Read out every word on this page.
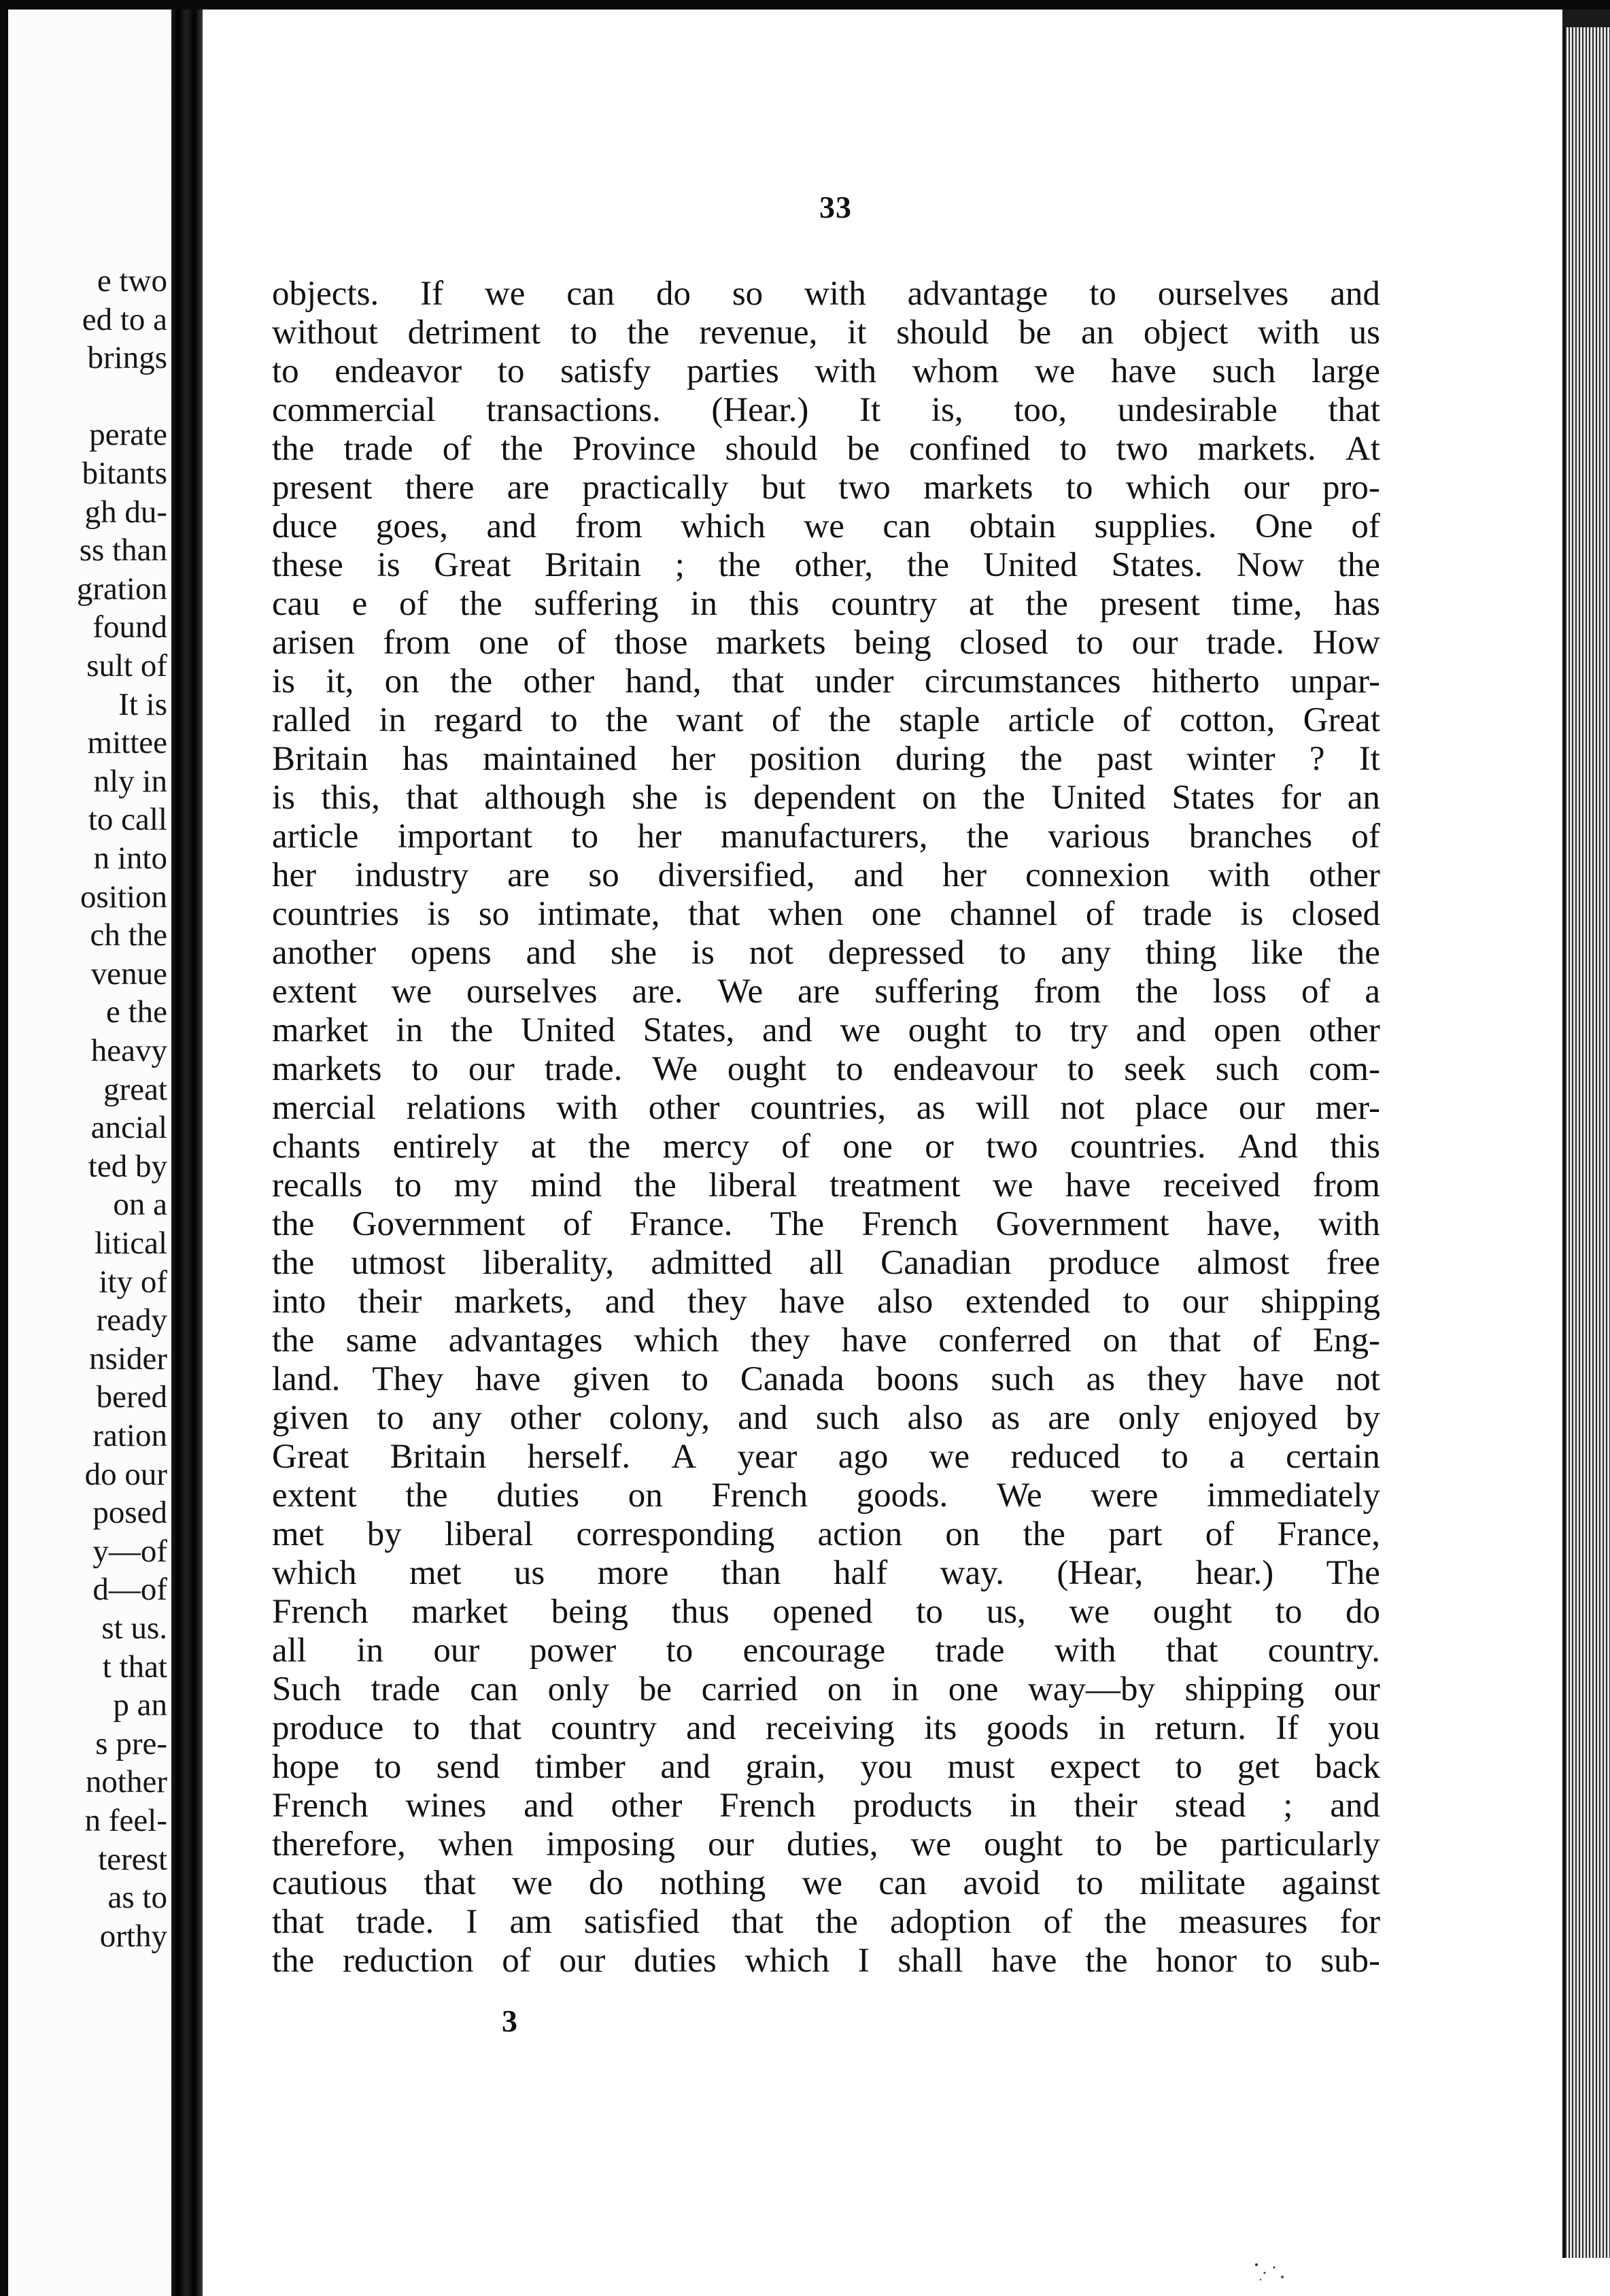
e two
ed to a
brings
perate
bitants
gh du-
ss than
gration
found
sult of
It is
mittee
nly in
to call
n into
osition
ch the
venue
e the
heavy
great
ancial
ted by
on a
litical
ity of
ready
nsider
bered
ration
do our
posed
y—of
d—of
st us.
t that
p an
s pre-
nother
n feel-
terest
as to
orthy
33
objects. If we can do so with advantage to ourselves and
without detriment to the revenue, it should be an object with us
to endeavor to satisfy parties with whom we have such large
commercial transactions. (Hear.) It is, too, undesirable that
the trade of the Province should be confined to two markets. At
present there are practically but two markets to which our pro-
duce goes, and from which we can obtain supplies. One of
these is Great Britain ; the other, the United States. Now the
cau e of the suffering in this country at the present time, has
arisen from one of those markets being closed to our trade. How
is it, on the other hand, that under circumstances hitherto unpar-
ralled in regard to the want of the staple article of cotton, Great
Britain has maintained her position during the past winter ? It
is this, that although she is dependent on the United States for an
article important to her manufacturers, the various branches of
her industry are so diversified, and her connexion with other
countries is so intimate, that when one channel of trade is closed
another opens and she is not depressed to any thing like the
extent we ourselves are. We are suffering from the loss of a
market in the United States, and we ought to try and open other
markets to our trade. We ought to endeavour to seek such com-
mercial relations with other countries, as will not place our mer-
chants entirely at the mercy of one or two countries. And this
recalls to my mind the liberal treatment we have received from
the Government of France. The French Government have, with
the utmost liberality, admitted all Canadian produce almost free
into their markets, and they have also extended to our shipping
the same advantages which they have conferred on that of Eng-
land. They have given to Canada boons such as they have not
given to any other colony, and such also as are only enjoyed by
Great Britain herself. A year ago we reduced to a certain
extent the duties on French goods. We were immediately
met by liberal corresponding action on the part of France,
which met us more than half way. (Hear, hear.) The
French market being thus opened to us, we ought to do
all in our power to encourage trade with that country.
Such trade can only be carried on in one way—by shipping our
produce to that country and receiving its goods in return. If you
hope to send timber and grain, you must expect to get back
French wines and other French products in their stead ; and
therefore, when imposing our duties, we ought to be particularly
cautious that we do nothing we can avoid to militate against
that trade. I am satisfied that the adoption of the measures for
the reduction of our duties which I shall have the honor to sub-
3
